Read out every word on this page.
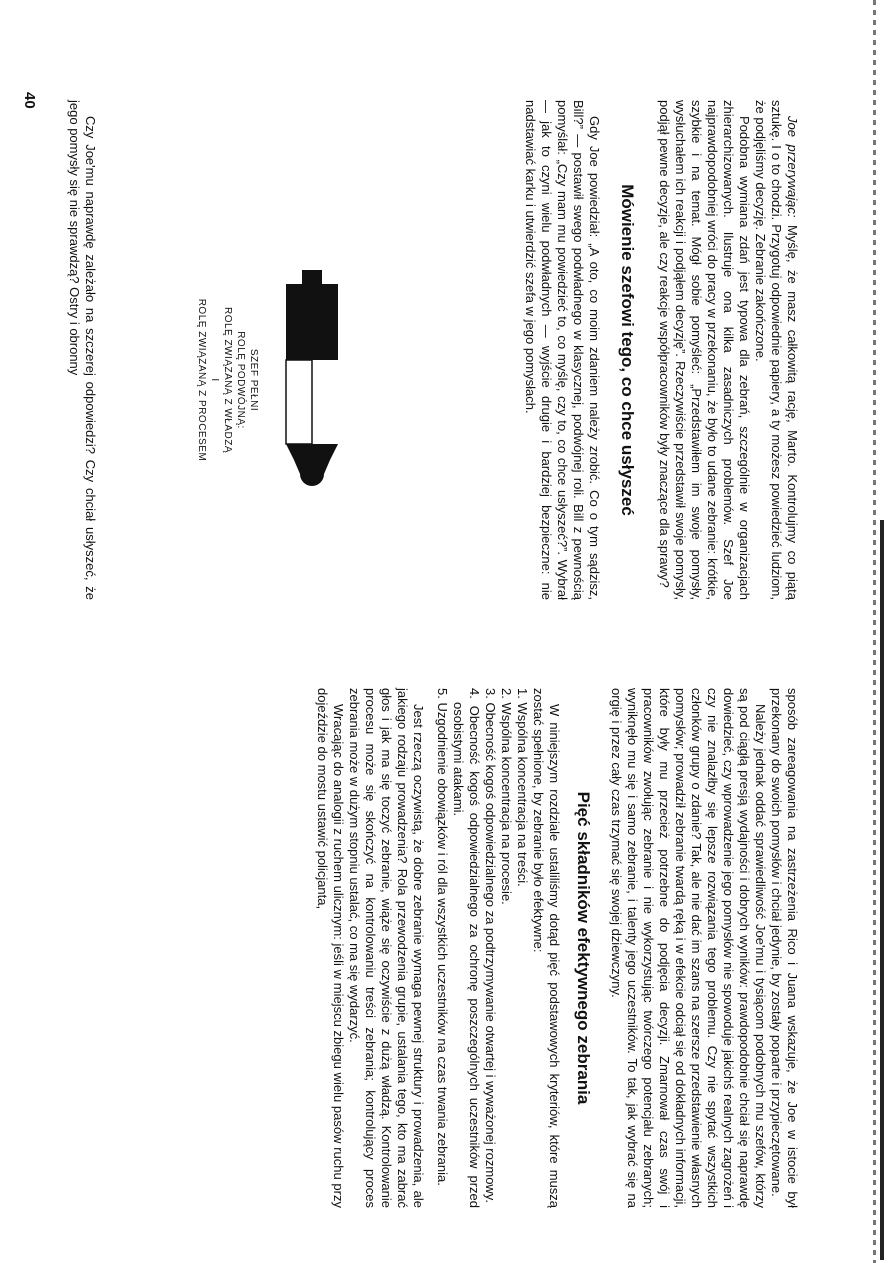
40

Joe przerywając: Myślę, że masz całkowitą rację, Marto. Kontrolujmy co piątą sztukę. I o to chodzi. Przygotuj odpowiednie papiery, a ty możesz powiedzieć ludziom, że podjęliśmy decyzję. Zebranie zakończone.

Podobna wymiana zdań jest typowa dla zebrań, szczególnie w organizacjach zhierarchizowanych. Ilustruje ona kilka zasadniczych problemów. Szef Joe najprawdopodobniej wróci do pracy w przekonaniu, że było to udane zebranie: krótkie, szybkie i na temat. Mógł sobie pomyśleć: „Przedstawiłem im swoje pomysły, wysłuchałem ich reakcji i podjąłem decyzję”. Rzeczywiście przedstawił swoje pomysły, podjął pewne decyzje, ale czy reakcje współpracowników były znaczące dla sprawy?

Mówienie szefowi tego, co chce usłyszeć

Gdy Joe powiedział: „A oto, co moim zdaniem należy zrobić. Co o tym sądzisz, Bill?” — postawił swego podwładnego w klasycznej, podwójnej roli. Bill z pewnością pomyślał: „Czy mam mu powiedzieć to, co myślę, czy to, co chce usłyszeć?”. Wybrał — jak to czyni wielu podwładnych — wyjście drugie i bardziej bezpieczne: nie nadstawiać karku i utwierdzić szefa w jego pomysłach.

SZEF PEŁNI
ROLĘ PODWÓJNĄ:
ROLĘ ZWIĄZANĄ Z WŁADZĄ
I
ROLĘ ZWIĄZANĄ Z PROCESEM

Czy Joe'mu naprawdę zależało na szczerej odpowiedzi? Czy chciał usłyszeć, że jego pomysły się nie sprawdzą? Ostry i obronny

sposób zareagowania na zastrzeżenia Rico i Juana wskazuje, że Joe w istocie był przekonany do swoich pomysłów i chciał jedynie, by zostały poparte i przypieczętowane.

Należy jednak oddać sprawiedliwość Joe'mu i tysiącom podobnych mu szefów, którzy są pod ciągłą presją wydajności i dobrych wyników: prawdopodobnie chciał się naprawdę dowiedzieć, czy wprowadzenie jego pomysłów nie spowoduje jakichś realnych zagrożeń i czy nie znalazłby się lepsze rozwiązania tego problemu. Czy nie spytać wszystkich członków grupy o zdanie? Tak, ale nie dać im szans na szersze przedstawienie własnych pomysłów; prowadził zebranie twardą ręką i w efekcie odciął się od dokładnych informacji, które były mu przecież potrzebne do podjęcia decyzji. Zmarnował czas swój i pracowników zwołując zebranie i nie wykorzystując twórczego potencjału zebranych; wyniknęło mu się i samo zebranie, i talenty jego uczestników. To tak, jak wybrać się na orgię i przez cały czas trzymać się swojej dziewczyny.

Pięć składników efektywnego zebrania

W niniejszym rozdziale ustaliliśmy dotąd pięć podstawowych kryteriów, które muszą zostać spełnione, by zebranie było efektywne:

1. Wspólna koncentracja na treści.
2. Wspólna koncentracja na procesie.
3. Obecność kogoś odpowiedzialnego za podtrzymywanie otwartej i wyważonej rozmowy.
4. Obecność kogoś odpowiedzialnego za ochronę poszczególnych uczestników przed osobistymi atakami.
5. Uzgodnienie obowiązków i ról dla wszystkich uczestników na czas trwania zebrania.

Jest rzeczą oczywistą, że dobre zebranie wymaga pewnej struktury i prowadzenia, ale jakiego rodzaju prowadzenia? Rola przewodzenia grupie, ustalania tego, kto ma zabrać głos i jak ma się toczyć zebranie, wiąże się oczywiście z dużą władzą. Kontrolowanie procesu może się skończyć na kontrolowaniu treści zebrania; kontrolujący proces zebrania może w dużym stopniu ustalać, co ma się wydarzyć.

Wracając do analogii z ruchem ulicznym: jeśli w miejscu zbiegu wielu pasów ruchu przy dojeździe do mostu ustawić policjanta,
